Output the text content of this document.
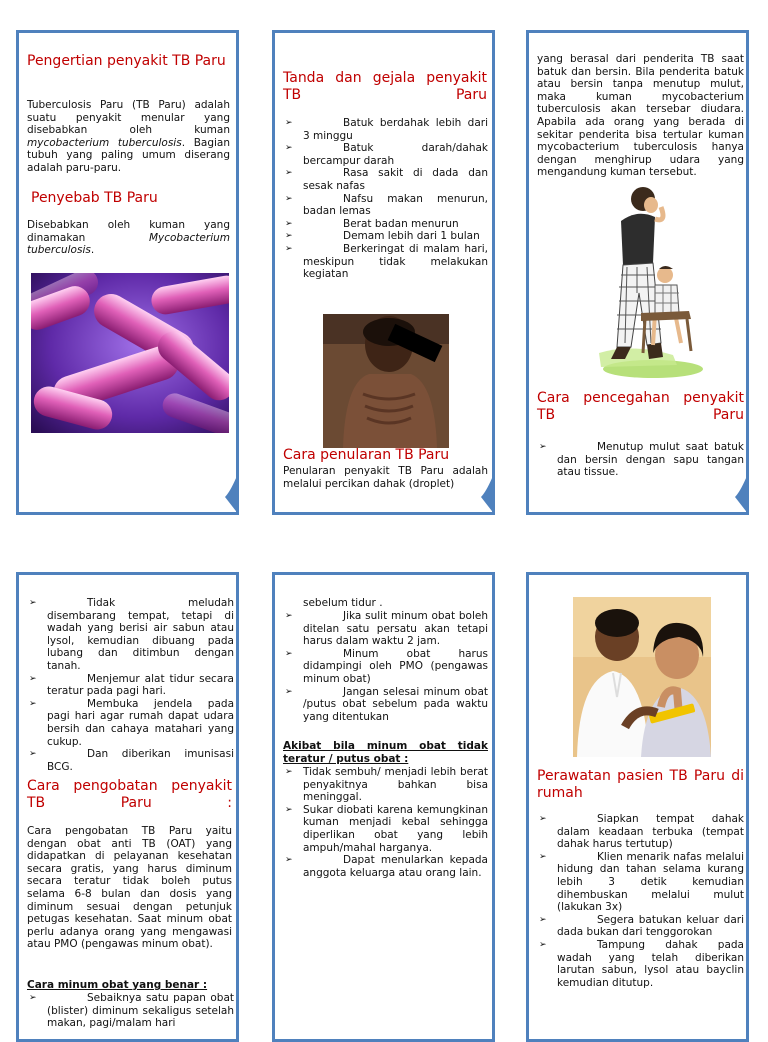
Pengertian penyakit TB Paru

Tuberculosis Paru (TB Paru) adalah suatu penyakit menular yang disebabkan oleh kuman mycobacterium tuberculosis. Bagian tubuh yang paling umum diserang adalah paru-paru.

Penyebab TB Paru

Disebabkan oleh kuman yang dinamakan Mycobacterium tuberculosis.

Tanda dan gejala penyakit TB Paru
➢ Batuk berdahak lebih dari 3 minggu
➢ Batuk darah/dahak bercampur darah
➢ Rasa sakit di dada dan sesak nafas
➢ Nafsu makan menurun, badan lemas
➢ Berat badan menurun
➢ Demam lebih dari 1 bulan
➢ Berkeringat di malam hari, meskipun tidak melakukan kegiatan
Cara penularan TB Paru

Penularan penyakit TB Paru adalah melalui percikan dahak (droplet)

yang berasal dari penderita TB saat batuk dan bersin. Bila penderita batuk atau bersin tanpa menutup mulut, maka kuman mycobacterium tuberculosis akan tersebar diudara. Apabila ada orang yang berada di sekitar penderita bisa tertular kuman mycobacterium tuberculosis hanya dengan menghirup udara yang mengandung kuman tersebut.

Cara pencegahan penyakit TB Paru
➢ Menutup mulut saat batuk dan bersin dengan sapu tangan atau tissue.
➢ Tidak meludah disembarang tempat, tetapi di wadah yang berisi air sabun atau lysol, kemudian dibuang pada lubang dan ditimbun dengan tanah.
➢ Menjemur alat tidur secara teratur pada pagi hari.
➢ Membuka jendela pada pagi hari agar rumah dapat udara bersih dan cahaya matahari yang cukup.
➢ Dan diberikan imunisasi BCG.
Cara pengobatan penyakit TB Paru :

Cara pengobatan TB Paru yaitu dengan obat anti TB (OAT) yang didapatkan di pelayanan kesehatan secara gratis, yang harus diminum secara teratur tidak boleh putus selama 6-8 bulan dan dosis yang diminum sesuai dengan petunjuk petugas kesehatan. Saat minum obat perlu adanya orang yang mengawasi atau PMO (pengawas minum obat).

Cara minum obat yang benar :

➢ Sebaiknya satu papan obat (blister) diminum sekaligus setelah makan, pagi/malam hari

sebelum tidur .

➢ Jika sulit minum obat boleh ditelan satu persatu akan tetapi harus dalam waktu 2 jam.
➢ Minum obat harus didampingi oleh PMO (pengawas minum obat)
➢ Jangan selesai minum obat /putus obat sebelum pada waktu yang ditentukan

Akibat bila minum obat tidak teratur / putus obat :

➢ Tidak sembuh/ menjadi lebih berat penyakitnya bahkan bisa meninggal.
➢ Sukar diobati karena kemungkinan kuman menjadi kebal sehingga diperlikan obat yang lebih ampuh/mahal harganya.
➢ Dapat menularkan kepada anggota keluarga atau orang lain.
Perawatan pasien TB Paru di rumah
➢ Siapkan tempat dahak dalam keadaan terbuka (tempat dahak harus tertutup)
➢ Klien menarik nafas melalui hidung dan tahan selama kurang lebih 3 detik kemudian dihembuskan melalui mulut (lakukan 3x)
➢ Segera batukan keluar dari dada bukan dari tenggorokan
➢ Tampung dahak pada wadah yang telah diberikan larutan sabun, lysol atau bayclin kemudian ditutup.
